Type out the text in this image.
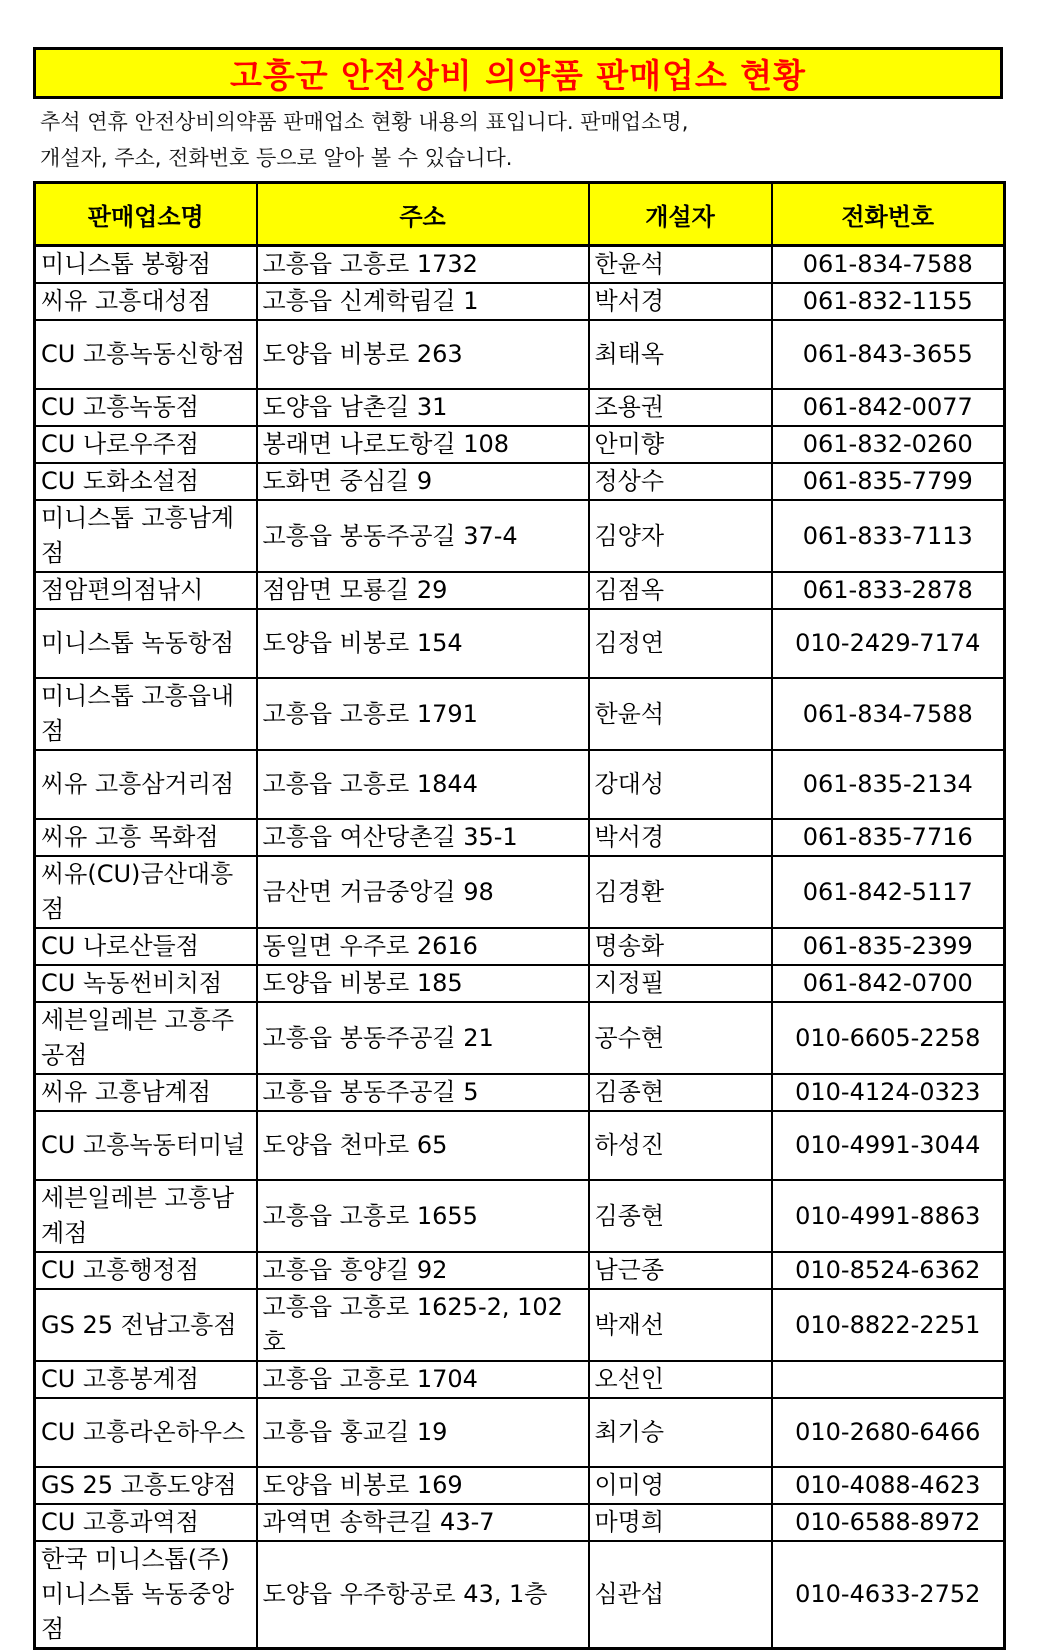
고흥군 안전상비 의약품 판매업소 현황

추석 연휴 안전상비의약품 판매업소 현황 내용의 표입니다. 판매업소명,

개설자, 주소, 전화번호 등으로 알아 볼 수 있습니다.

판매업소명	주소	개설자	전화번호
미니스톱 봉황점	고흥읍 고흥로 1732	한윤석	061-834-7588
씨유 고흥대성점	고흥읍 신계학림길 1	박서경	061-832-1155
CU 고흥녹동신항점	도양읍 비봉로 263	최태옥	061-843-3655
CU 고흥녹동점	도양읍 남촌길 31	조용권	061-842-0077
CU 나로우주점	봉래면 나로도항길 108	안미향	061-832-0260
CU 도화소설점	도화면 중심길 9	정상수	061-835-7799
미니스톱 고흥남계점	고흥읍 봉동주공길 37-4	김양자	061-833-7113
점암편의점낚시	점암면 모룡길 29	김점옥	061-833-2878
미니스톱 녹동항점	도양읍 비봉로 154	김정연	010-2429-7174
미니스톱 고흥읍내점	고흥읍 고흥로 1791	한윤석	061-834-7588
씨유 고흥삼거리점	고흥읍 고흥로 1844	강대성	061-835-2134
씨유 고흥 목화점	고흥읍 여산당촌길 35-1	박서경	061-835-7716
씨유(CU)금산대흥점	금산면 거금중앙길 98	김경환	061-842-5117
CU 나로산들점	동일면 우주로 2616	명송화	061-835-2399
CU 녹동썬비치점	도양읍 비봉로 185	지정필	061-842-0700
세븐일레븐 고흥주공점	고흥읍 봉동주공길 21	공수현	010-6605-2258
씨유 고흥남계점	고흥읍 봉동주공길 5	김종현	010-4124-0323
CU 고흥녹동터미널	도양읍 천마로 65	하성진	010-4991-3044
세븐일레븐 고흥남계점	고흥읍 고흥로 1655	김종현	010-4991-8863
CU 고흥행정점	고흥읍 흥양길 92	남근종	010-8524-6362
GS 25 전남고흥점	고흥읍 고흥로 1625-2, 102호	박재선	010-8822-2251
CU 고흥봉계점	고흥읍 고흥로 1704	오선인	
CU 고흥라온하우스	고흥읍 홍교길 19	최기승	010-2680-6466
GS 25 고흥도양점	도양읍 비봉로 169	이미영	010-4088-4623
CU 고흥과역점	과역면 송학큰길 43-7	마명희	010-6588-8972
한국 미니스톱(주) 미니스톱 녹동중앙점	도양읍 우주항공로 43, 1층	심관섭	010-4633-2752
